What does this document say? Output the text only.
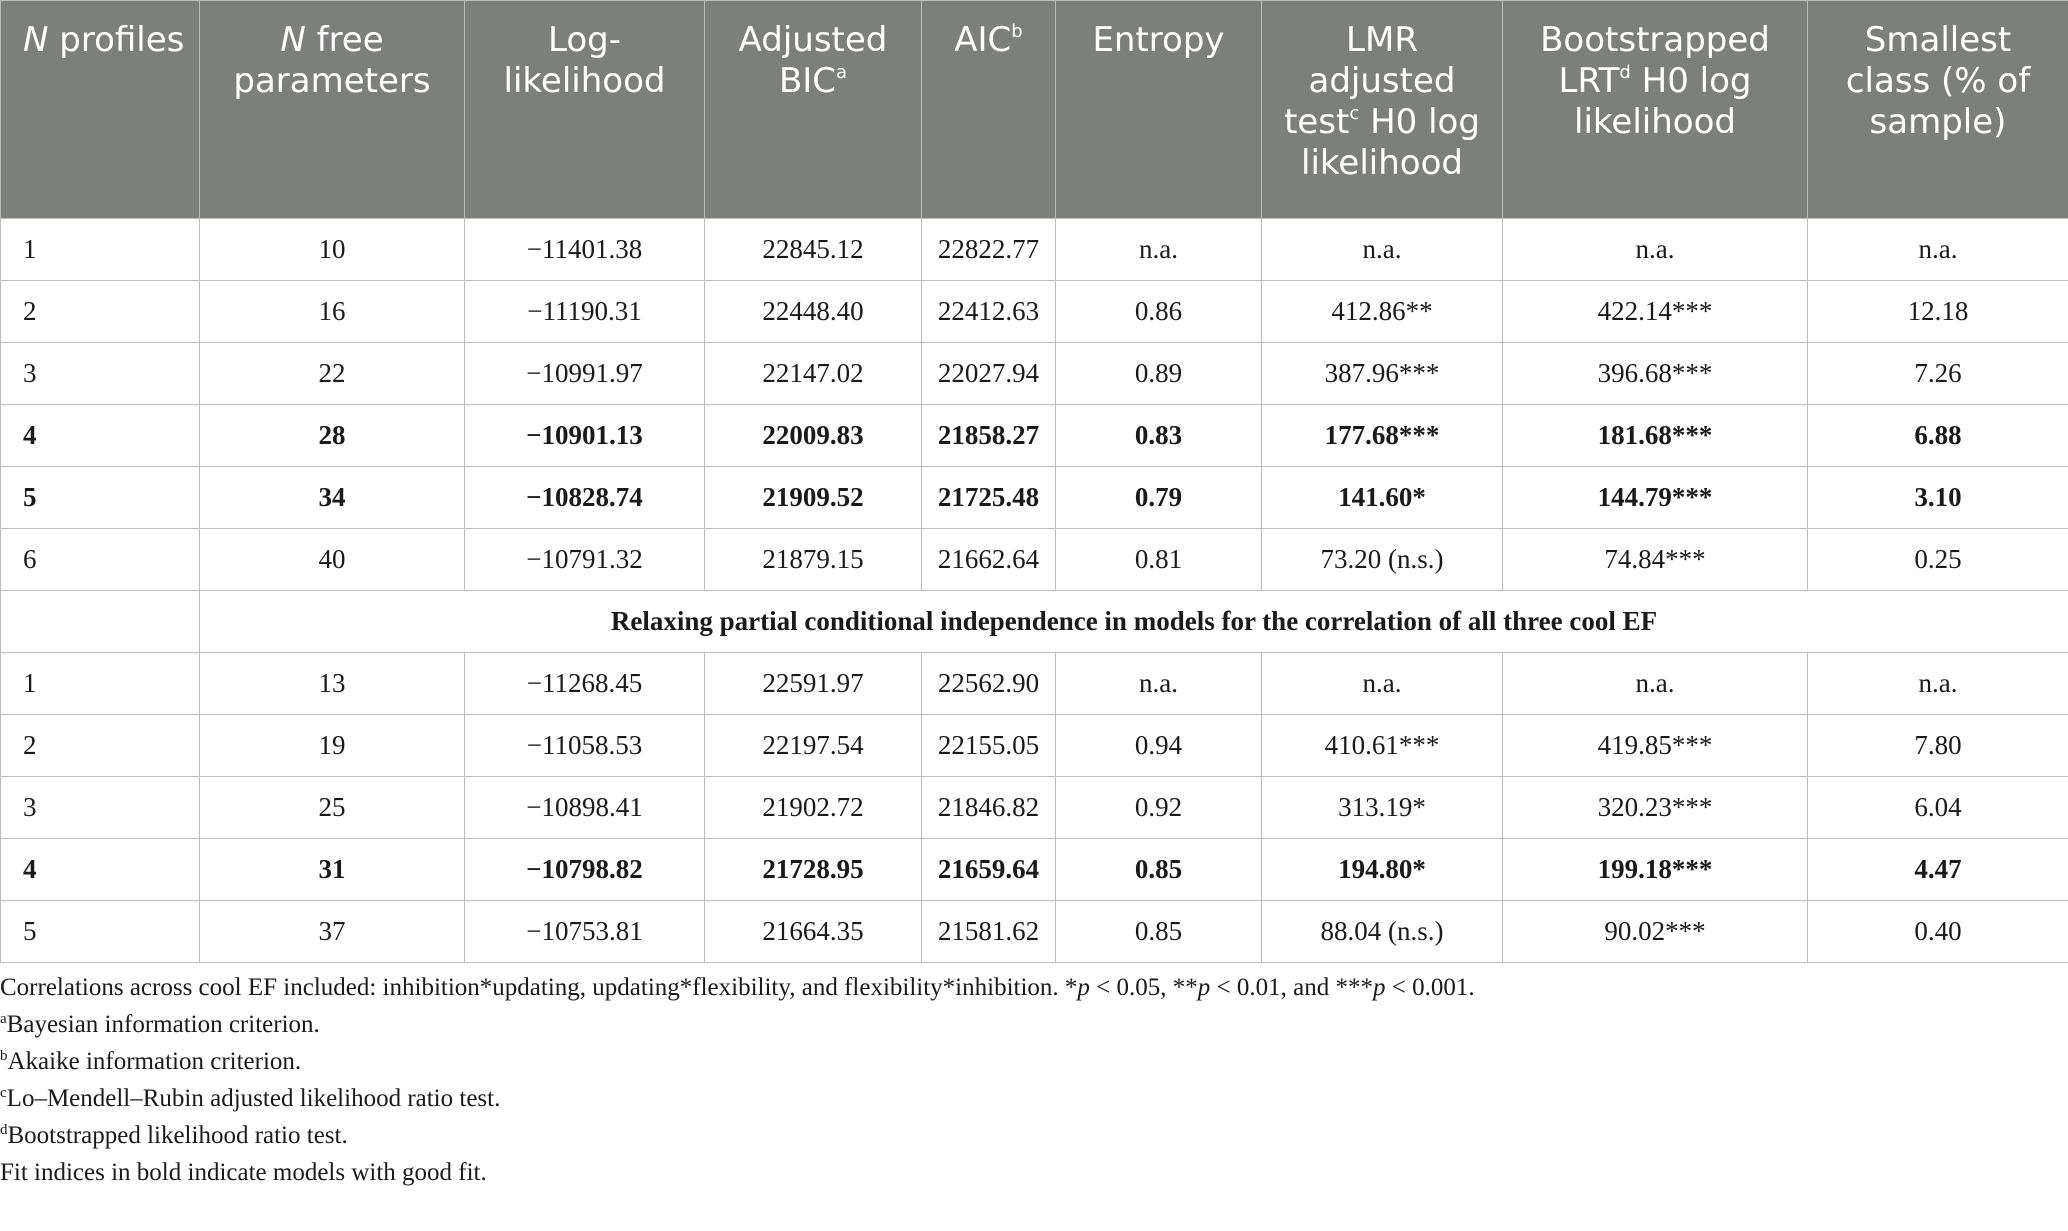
N profiles	N free parameters	Log-likelihood	Adjusted BIC$^a$	AIC$^b$	Entropy	LMR adjusted test$^c$ H0 log likelihood	Bootstrapped LRT$^d$ H0 log likelihood	Smallest class (% of sample)
1	10	−11401.38	22845.12	22822.77	n.a.	n.a.	n.a.	n.a.
2	16	−11190.31	22448.40	22412.63	0.86	412.86**	422.14***	12.18
3	22	−10991.97	22147.02	22027.94	0.89	387.96***	396.68***	7.26
4	28	−10901.13	22009.83	21858.27	0.83	177.68***	181.68***	6.88
5	34	−10828.74	21909.52	21725.48	0.79	141.60*	144.79***	3.10
6	40	−10791.32	21879.15	21662.64	0.81	73.20 (n.s.)	74.84***	0.25
	Relaxing partial conditional independence in models for the correlation of all three cool EF							
1	13	−11268.45	22591.97	22562.90	n.a.	n.a.	n.a.	n.a.
2	19	−11058.53	22197.54	22155.05	0.94	410.61***	419.85***	7.80
3	25	−10898.41	21902.72	21846.82	0.92	313.19*	320.23***	6.04
4	31	−10798.82	21728.95	21659.64	0.85	194.80*	199.18***	4.47
5	37	−10753.81	21664.35	21581.62	0.85	88.04 (n.s.)	90.02***	0.40

Correlations across cool EF included: inhibition*updating, updating*flexibility, and flexibility*inhibition. *p < 0.05, **p < 0.01, and ***p < 0.001.

$^a$Bayesian information criterion.

$^b$Akaike information criterion.

$^c$Lo–Mendell–Rubin adjusted likelihood ratio test.

$^d$Bootstrapped likelihood ratio test.

Fit indices in bold indicate models with good fit.
